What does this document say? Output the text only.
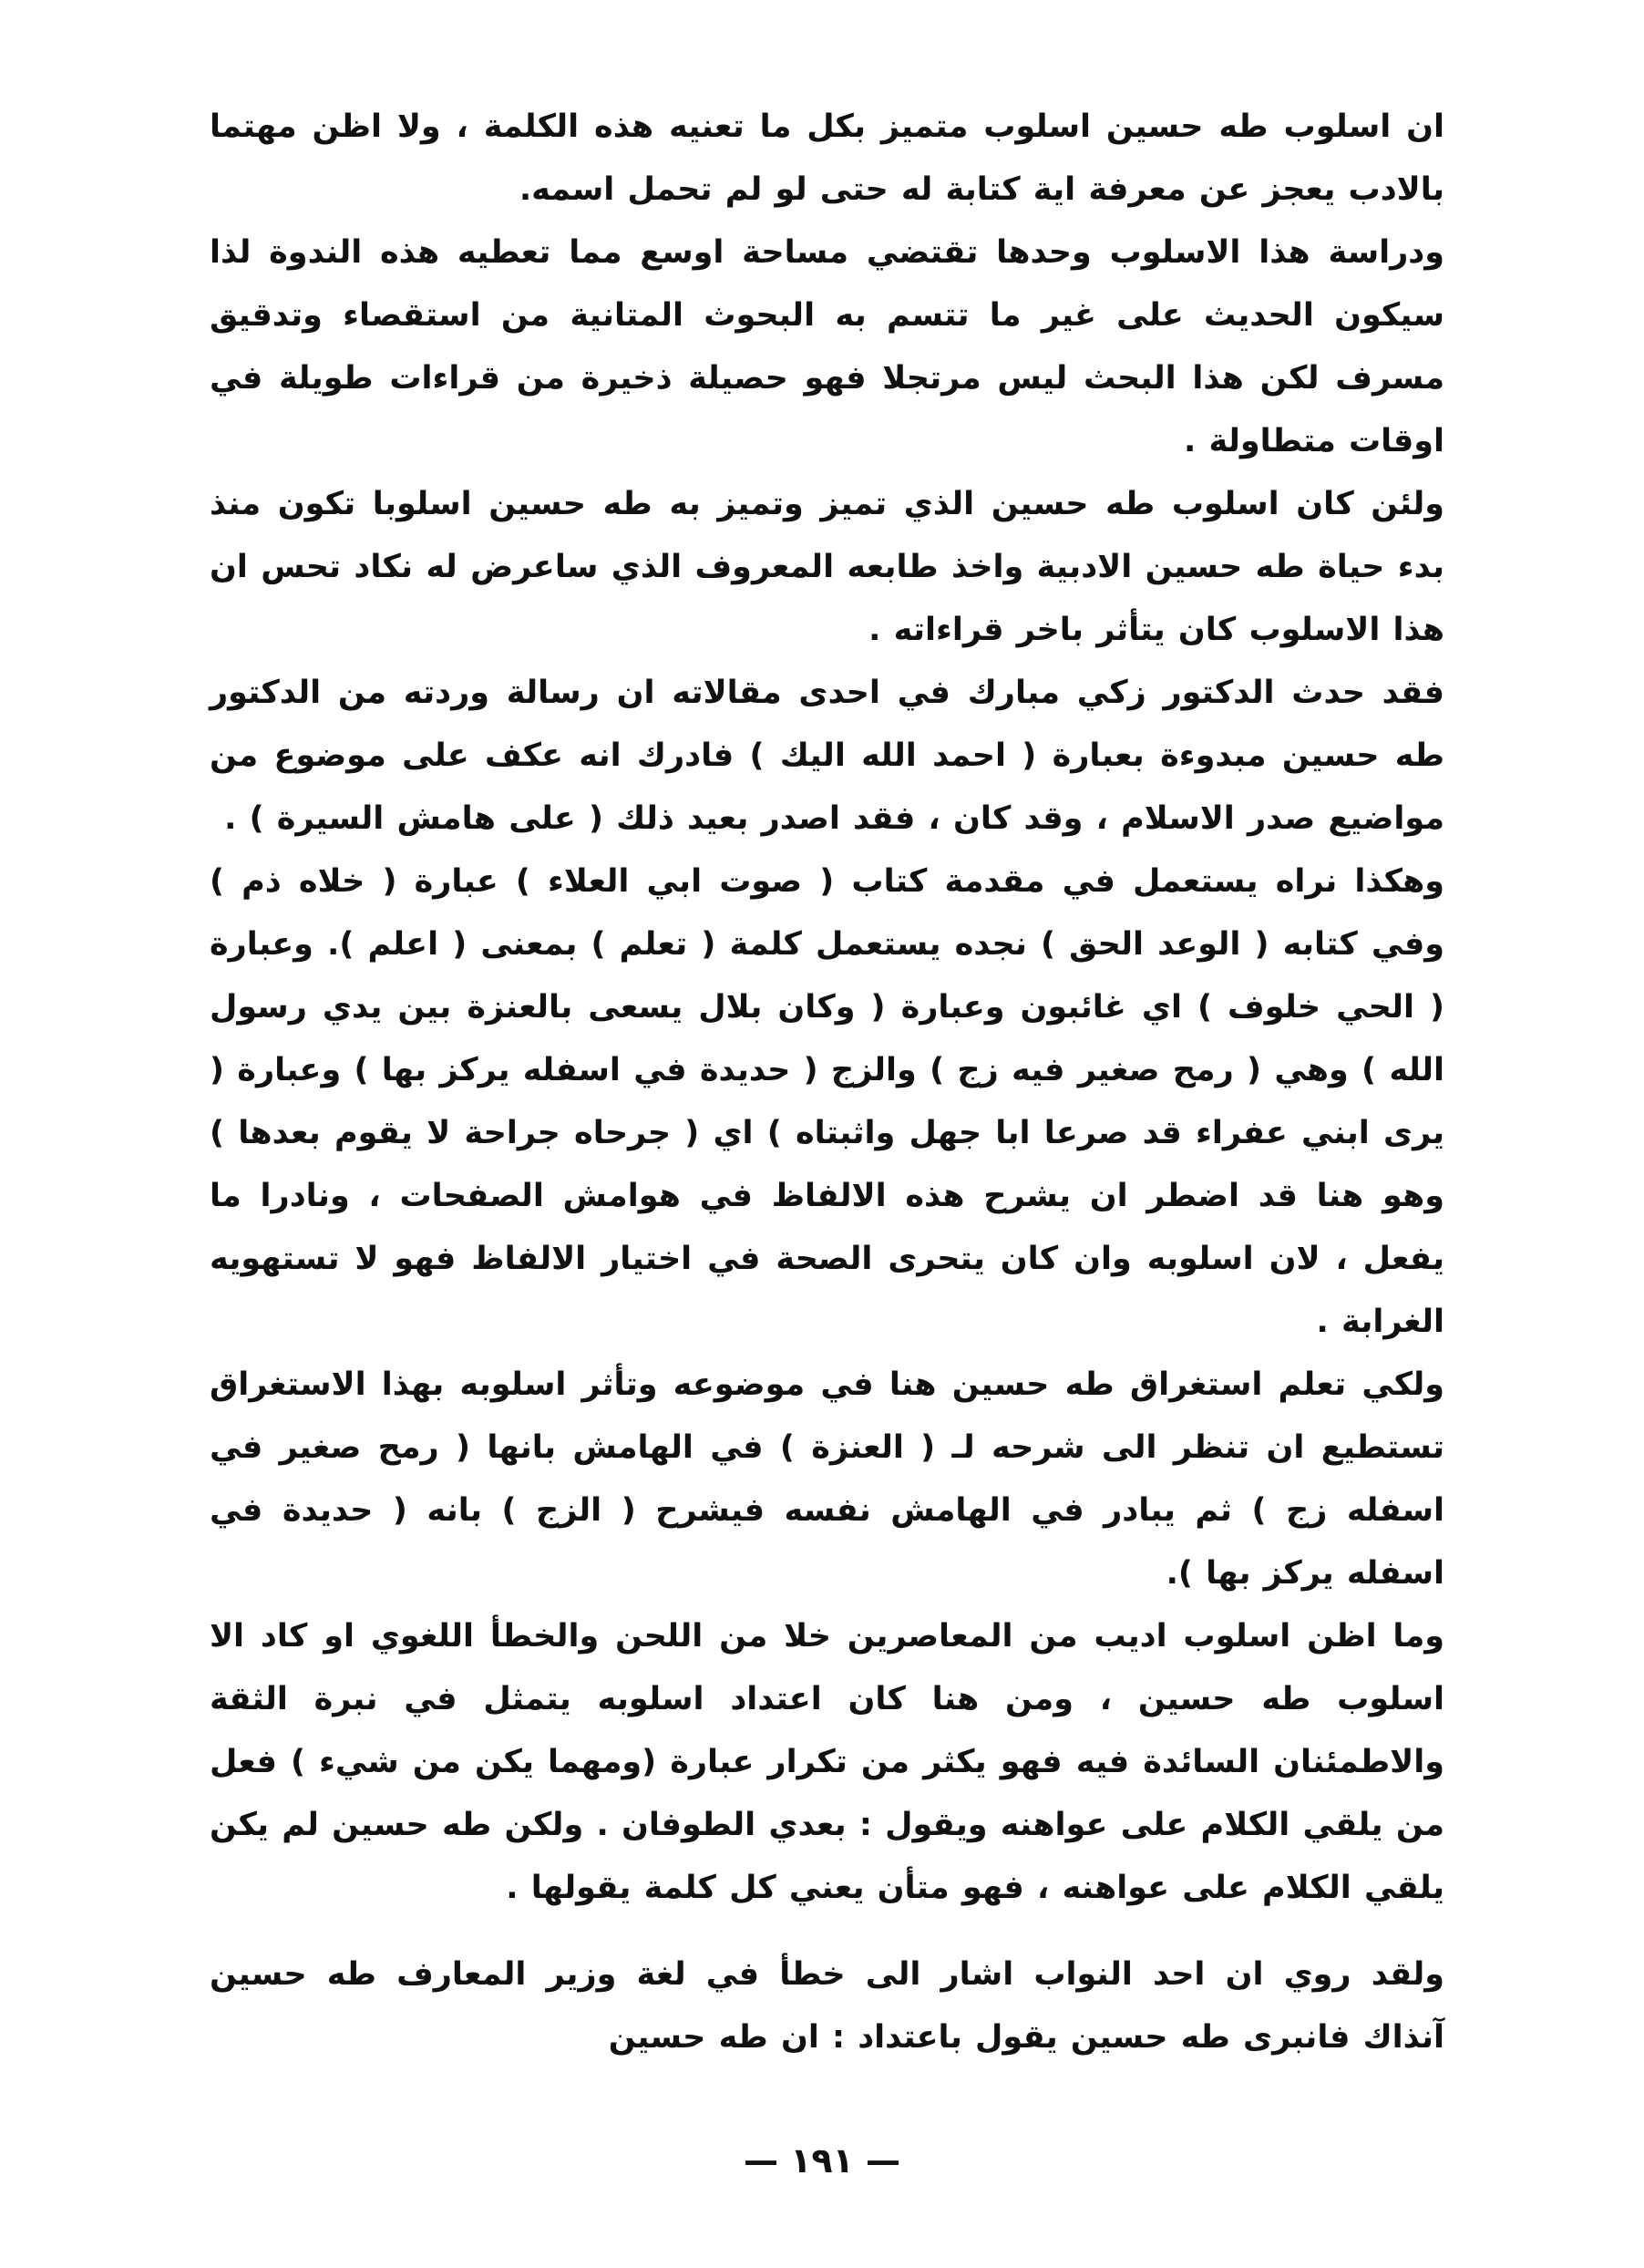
ان اسلوب طه حسين اسلوب متميز بكل ما تعنيه هذه الكلمة ، ولا اظن مهتما بالادب يعجز عن معرفة اية كتابة له حتى لو لم تحمل اسمه.

ودراسة هذا الاسلوب وحدها تقتضي مساحة اوسع مما تعطيه هذه الندوة لذا سيكون الحديث على غير ما تتسم به البحوث المتانية من استقصاء وتدقيق مسرف لكن هذا البحث ليس مرتجلا فهو حصيلة ذخيرة من قراءات طويلة في اوقات متطاولة .

ولئن كان اسلوب طه حسين الذي تميز وتميز به طه حسين اسلوبا تكون منذ بدء حياة طه حسين الادبية واخذ طابعه المعروف الذي ساعرض له نكاد تحس ان هذا الاسلوب كان يتأثر باخر قراءاته .

فقد حدث الدكتور زكي مبارك في احدى مقالاته ان رسالة وردته من الدكتور طه حسين مبدوءة بعبارة ( احمد الله اليك ) فادرك انه عكف على موضوع من مواضيع صدر الاسلام ، وقد كان ، فقد اصدر بعيد ذلك ( على هامش السيرة ) .

وهكذا نراه يستعمل في مقدمة كتاب ( صوت ابي العلاء ) عبارة ( خلاه ذم ) وفي كتابه ( الوعد الحق ) نجده يستعمل كلمة ( تعلم ) بمعنى ( اعلم ). وعبارة ( الحي خلوف ) اي غائبون وعبارة ( وكان بلال يسعى بالعنزة بين يدي رسول الله ) وهي ( رمح صغير فيه زج ) والزج ( حديدة في اسفله يركز بها ) وعبارة ( يرى ابني عفراء قد صرعا ابا جهل واثبتاه ) اي ( جرحاه جراحة لا يقوم بعدها ) وهو هنا قد اضطر ان يشرح هذه الالفاظ في هوامش الصفحات ، ونادرا ما يفعل ، لان اسلوبه وان كان يتحرى الصحة في اختيار الالفاظ فهو لا تستهويه الغرابة .

ولكي تعلم استغراق طه حسين هنا في موضوعه وتأثر اسلوبه بهذا الاستغراق تستطيع ان تنظر الى شرحه لـ ( العنزة ) في الهامش بانها ( رمح صغير في اسفله زج ) ثم يبادر في الهامش نفسه فيشرح ( الزج ) بانه ( حديدة في اسفله يركز بها ).

وما اظن اسلوب اديب من المعاصرين خلا من اللحن والخطأ اللغوي او كاد الا اسلوب طه حسين ، ومن هنا كان اعتداد اسلوبه يتمثل في نبرة الثقة والاطمئنان السائدة فيه فهو يكثر من تكرار عبارة (ومهما يكن من شيء ) فعل من يلقي الكلام على عواهنه ويقول : بعدي الطوفان . ولكن طه حسين لم يكن يلقي الكلام على عواهنه ، فهو متأن يعني كل كلمة يقولها .

ولقد روي ان احد النواب اشار الى خطأ في لغة وزير المعارف طه حسين آنذاك فانبرى طه حسين يقول باعتداد : ان طه حسين

— ١٩١ —
